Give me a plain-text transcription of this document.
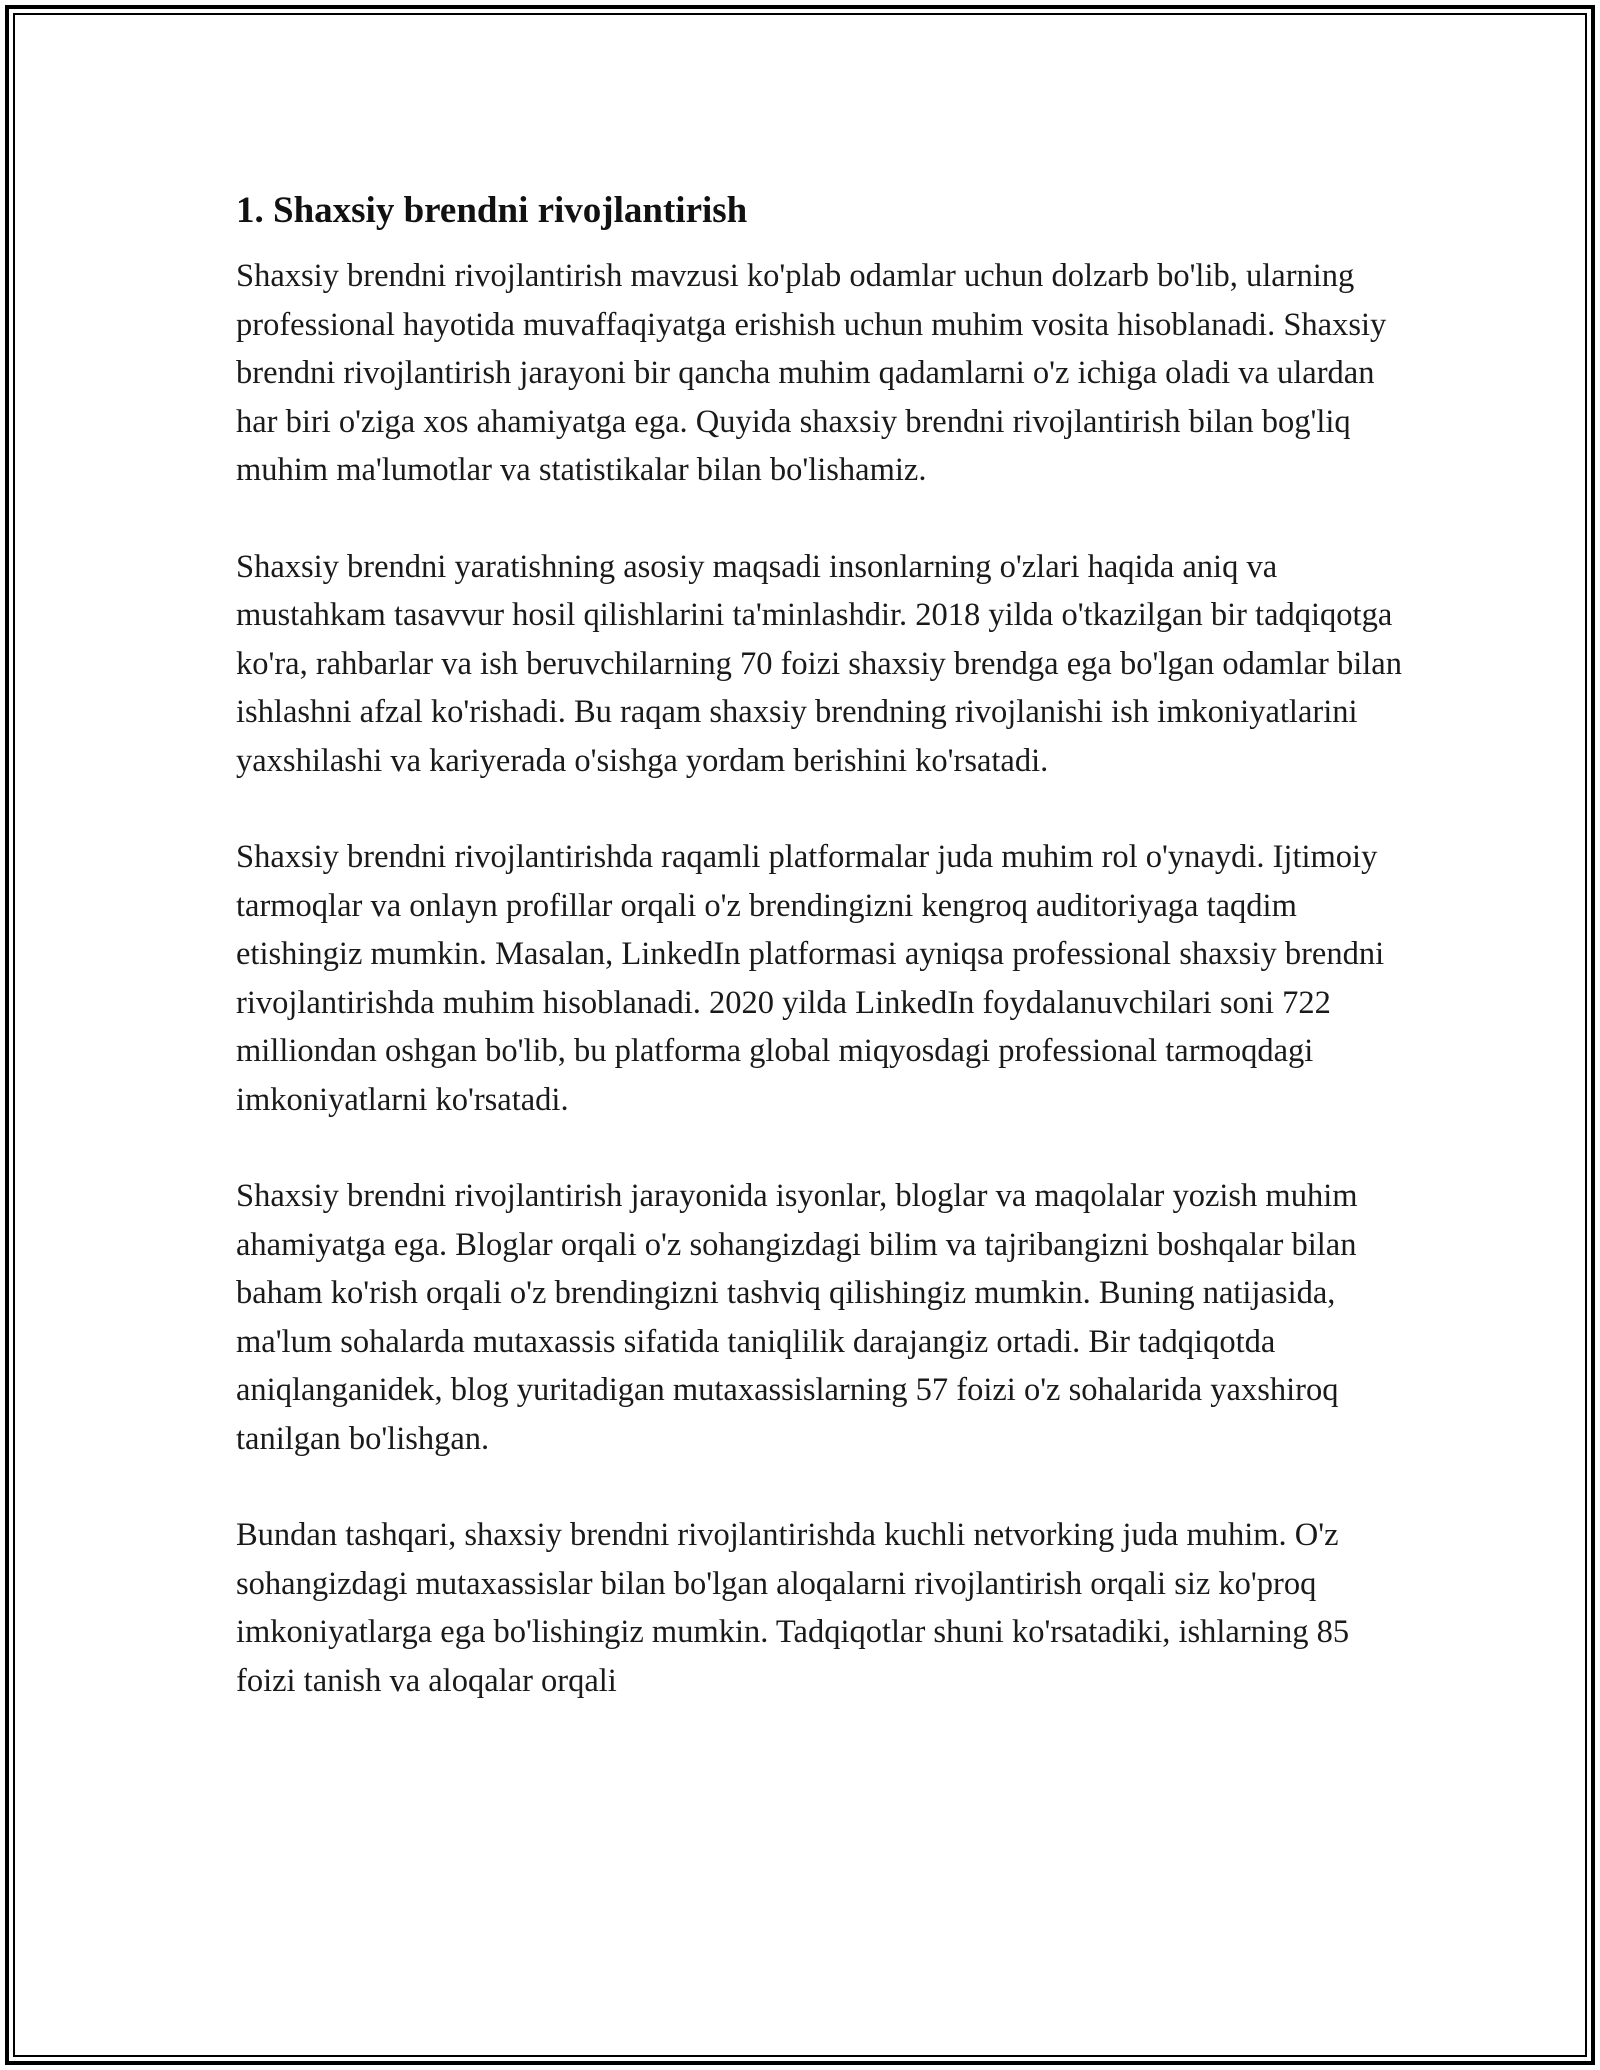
1. Shaxsiy brendni rivojlantirish

Shaxsiy brendni rivojlantirish mavzusi ko'plab odamlar uchun dolzarb bo'lib, ularning professional hayotida muvaffaqiyatga erishish uchun muhim vosita hisoblanadi. Shaxsiy brendni rivojlantirish jarayoni bir qancha muhim qadamlarni o'z ichiga oladi va ulardan har biri o'ziga xos ahamiyatga ega. Quyida shaxsiy brendni rivojlantirish bilan bog'liq muhim ma'lumotlar va statistikalar bilan bo'lishamiz.

Shaxsiy brendni yaratishning asosiy maqsadi insonlarning o'zlari haqida aniq va mustahkam tasavvur hosil qilishlarini ta'minlashdir. 2018 yilda o'tkazilgan bir tadqiqotga ko'ra, rahbarlar va ish beruvchilarning 70 foizi shaxsiy brendga ega bo'lgan odamlar bilan ishlashni afzal ko'rishadi. Bu raqam shaxsiy brendning rivojlanishi ish imkoniyatlarini yaxshilashi va kariyerada o'sishga yordam berishini ko'rsatadi.

Shaxsiy brendni rivojlantirishda raqamli platformalar juda muhim rol o'ynaydi. Ijtimoiy tarmoqlar va onlayn profillar orqali o'z brendingizni kengroq auditoriyaga taqdim etishingiz mumkin. Masalan, LinkedIn platformasi ayniqsa professional shaxsiy brendni rivojlantirishda muhim hisoblanadi. 2020 yilda LinkedIn foydalanuvchilari soni 722 milliondan oshgan bo'lib, bu platforma global miqyosdagi professional tarmoqdagi imkoniyatlarni ko'rsatadi.

Shaxsiy brendni rivojlantirish jarayonida isyonlar, bloglar va maqolalar yozish muhim ahamiyatga ega. Bloglar orqali o'z sohangizdagi bilim va tajribangizni boshqalar bilan baham ko'rish orqali o'z brendingizni tashviq qilishingiz mumkin. Buning natijasida, ma'lum sohalarda mutaxassis sifatida taniqlilik darajangiz ortadi. Bir tadqiqotda aniqlanganidek, blog yuritadigan mutaxassislarning 57 foizi o'z sohalarida yaxshiroq tanilgan bo'lishgan.

Bundan tashqari, shaxsiy brendni rivojlantirishda kuchli netvorking juda muhim. O'z sohangizdagi mutaxassislar bilan bo'lgan aloqalarni rivojlantirish orqali siz ko'proq imkoniyatlarga ega bo'lishingiz mumkin. Tadqiqotlar shuni ko'rsatadiki, ishlarning 85 foizi tanish va aloqalar orqali
